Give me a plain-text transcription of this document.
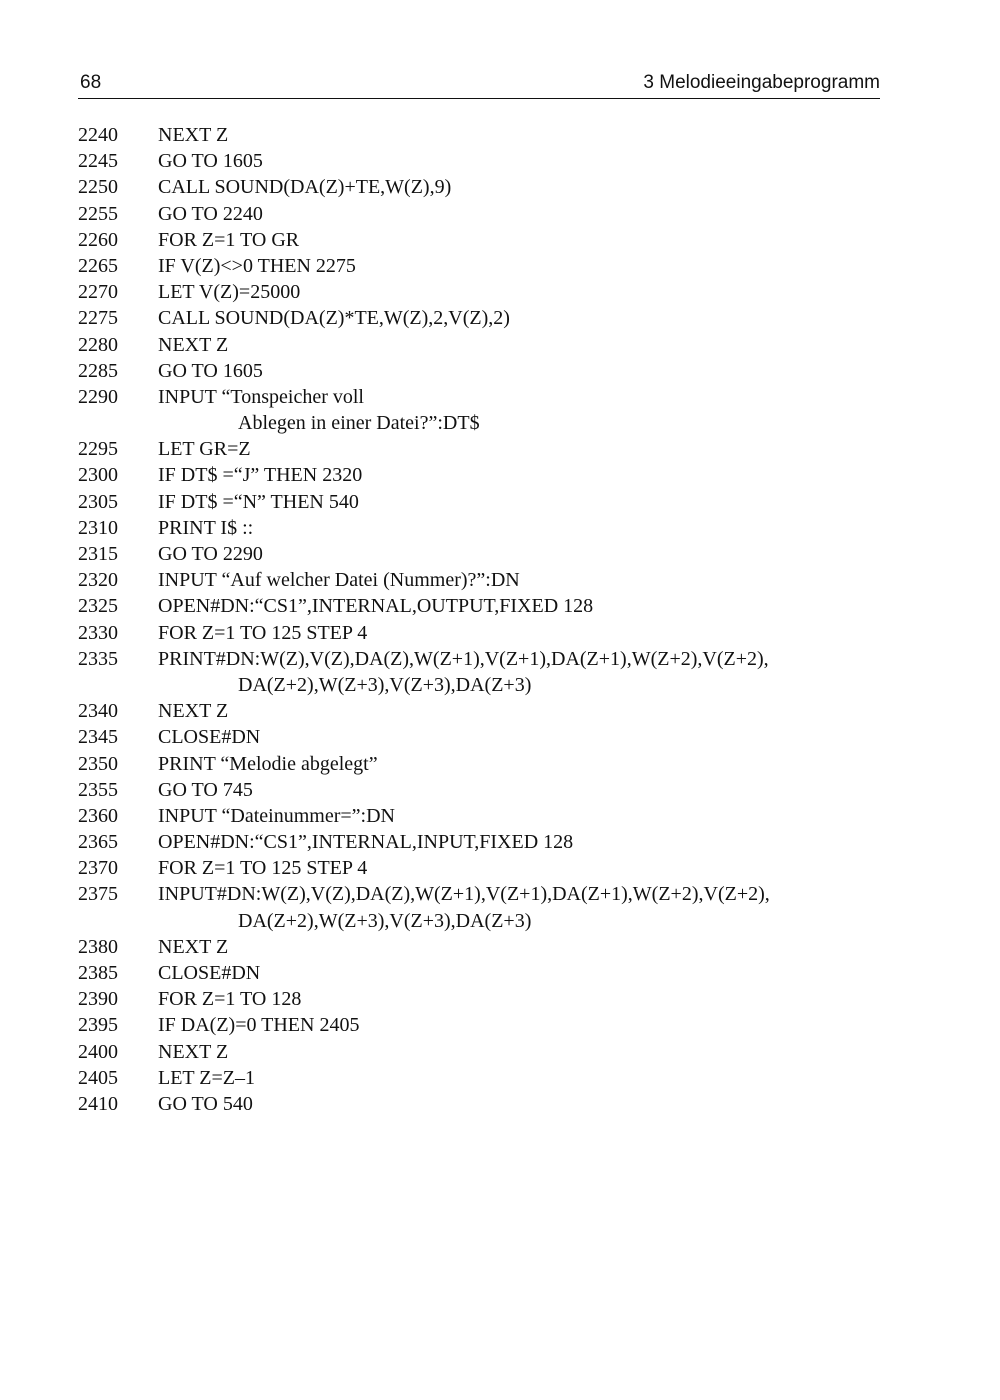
68	3 Melodieeingabeprogramm
2240	NEXT Z
2245	GO TO 1605
2250	CALL SOUND(DA(Z)+TE,W(Z),9)
2255	GO TO 2240
2260	FOR Z=1 TO GR
2265	IF V(Z)<>0 THEN 2275
2270	LET V(Z)=25000
2275	CALL SOUND(DA(Z)*TE,W(Z),2,V(Z),2)
2280	NEXT Z
2285	GO TO 1605
2290	INPUT “Tonspeicher voll
Ablegen in einer Datei?”:DT$
2295	LET GR=Z
2300	IF DT$ =“J” THEN 2320
2305	IF DT$ =“N” THEN 540
2310	PRINT I$ ::
2315	GO TO 2290
2320	INPUT “Auf welcher Datei (Nummer)?”:DN
2325	OPEN#DN:“CS1”,INTERNAL,OUTPUT,FIXED 128
2330	FOR Z=1 TO 125 STEP 4
2335	PRINT#DN:W(Z),V(Z),DA(Z),W(Z+1),V(Z+1),DA(Z+1),W(Z+2),V(Z+2),
DA(Z+2),W(Z+3),V(Z+3),DA(Z+3)
2340	NEXT Z
2345	CLOSE#DN
2350	PRINT “Melodie abgelegt”
2355	GO TO 745
2360	INPUT “Dateinummer=”:DN
2365	OPEN#DN:“CS1”,INTERNAL,INPUT,FIXED 128
2370	FOR Z=1 TO 125 STEP 4
2375	INPUT#DN:W(Z),V(Z),DA(Z),W(Z+1),V(Z+1),DA(Z+1),W(Z+2),V(Z+2),
DA(Z+2),W(Z+3),V(Z+3),DA(Z+3)
2380	NEXT Z
2385	CLOSE#DN
2390	FOR Z=1 TO 128
2395	IF DA(Z)=0 THEN 2405
2400	NEXT Z
2405	LET Z=Z–1
2410	GO TO 540
